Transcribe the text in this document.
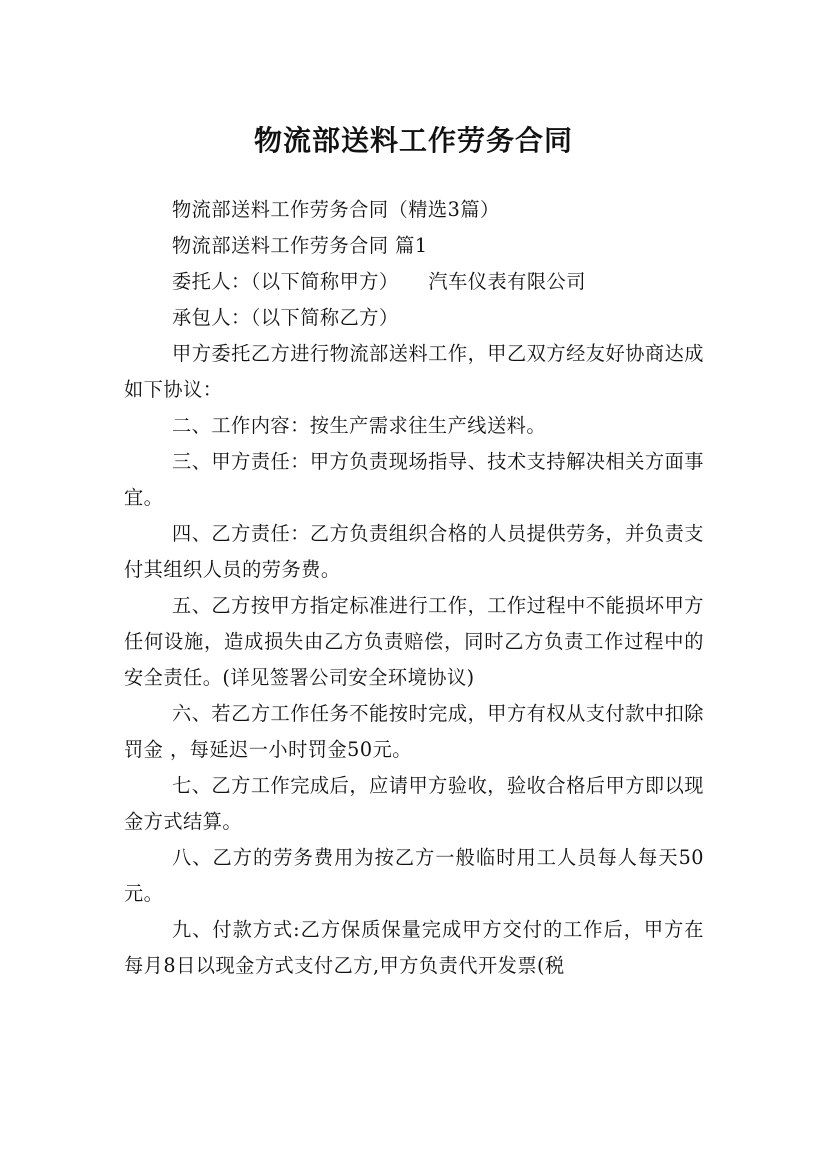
物流部送料工作劳务合同

物流部送料工作劳务合同（精选3篇）

物流部送料工作劳务合同 篇1

委托人：（以下简称甲方）　　汽车仪表有限公司

承包人：（以下简称乙方）

甲方委托乙方进行物流部送料工作，甲乙双方经友好协商达成如下协议：

二、工作内容：按生产需求往生产线送料。

三、甲方责任：甲方负责现场指导、技术支持解决相关方面事宜。

四、乙方责任：乙方负责组织合格的人员提供劳务，并负责支付其组织人员的劳务费。

五、乙方按甲方指定标准进行工作，工作过程中不能损坏甲方任何设施，造成损失由乙方负责赔偿，同时乙方负责工作过程中的安全责任。(详见签署公司安全环境协议)

六、若乙方工作任务不能按时完成，甲方有权从支付款中扣除罚金 ，每延迟一小时罚金50元。

七、乙方工作完成后，应请甲方验收，验收合格后甲方即以现金方式结算。

八、乙方的劳务费用为按乙方一般临时用工人员每人每天50元。

九、付款方式:乙方保质保量完成甲方交付的工作后，甲方在每月8日以现金方式支付乙方,甲方负责代开发票(税
